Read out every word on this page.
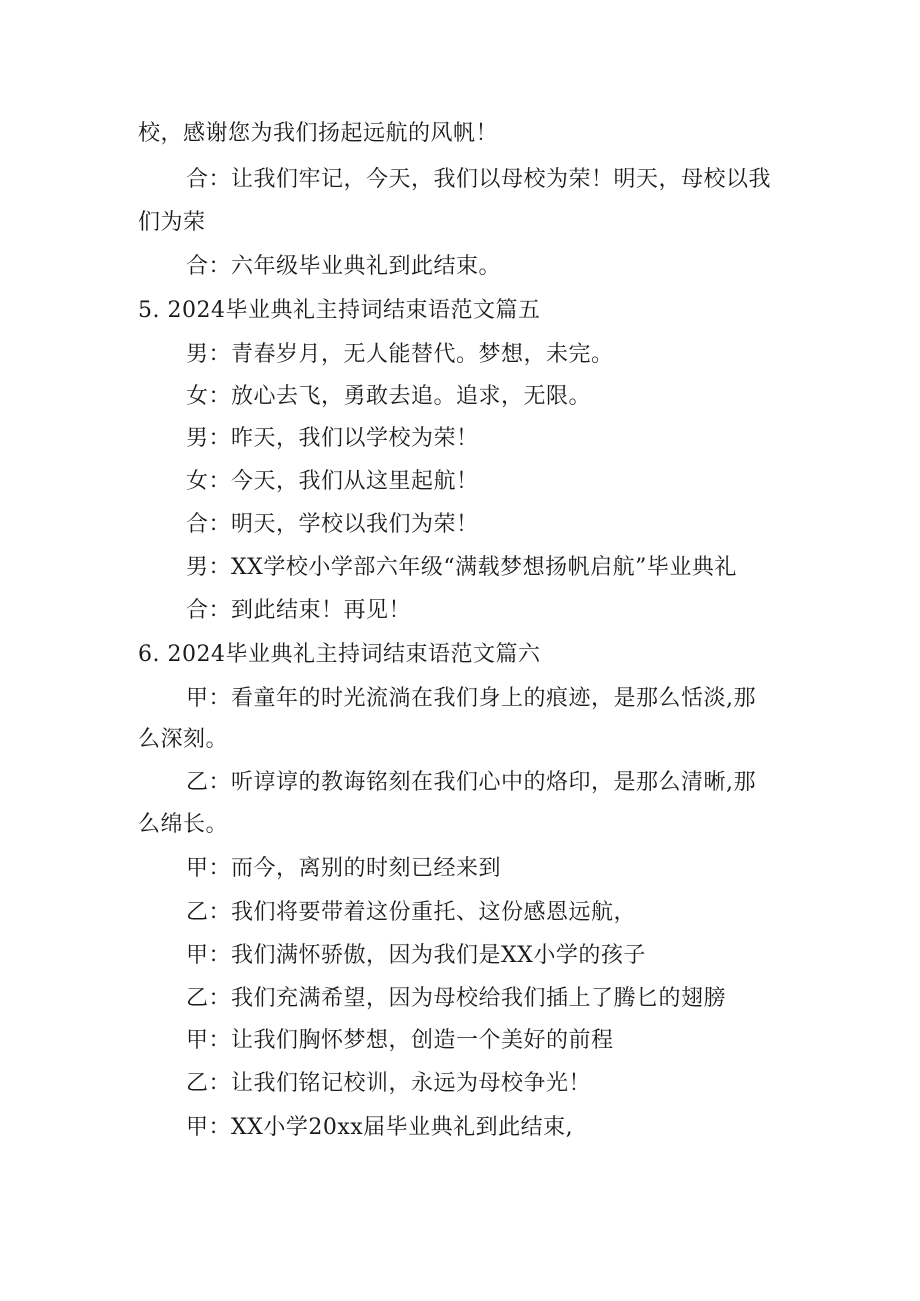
校，感谢您为我们扬起远航的风帆！
合：让我们牢记，今天，我们以母校为荣！明天，母校以我
们为荣
合：六年级毕业典礼到此结束。
5. 2024毕业典礼主持词结束语范文篇五
男：青春岁月，无人能替代。梦想，未完。
女：放心去飞，勇敢去追。追求，无限。
男：昨天，我们以学校为荣！
女：今天，我们从这里起航！
合：明天，学校以我们为荣！
男：XX学校小学部六年级“满载梦想扬帆启航”毕业典礼
合：到此结束！再见！
6. 2024毕业典礼主持词结束语范文篇六
甲：看童年的时光流淌在我们身上的痕迹，是那么恬淡,那
么深刻。
乙：听谆谆的教诲铭刻在我们心中的烙印，是那么清晰,那
么绵长。
甲：而今，离别的时刻已经来到
乙：我们将要带着这份重托、这份感恩远航，
甲：我们满怀骄傲，因为我们是XX小学的孩子
乙：我们充满希望，因为母校给我们插上了腾匕的翅膀
甲：让我们胸怀梦想，创造一个美好的前程
乙：让我们铭记校训，永远为母校争光！
甲：XX小学20xx届毕业典礼到此结束,
